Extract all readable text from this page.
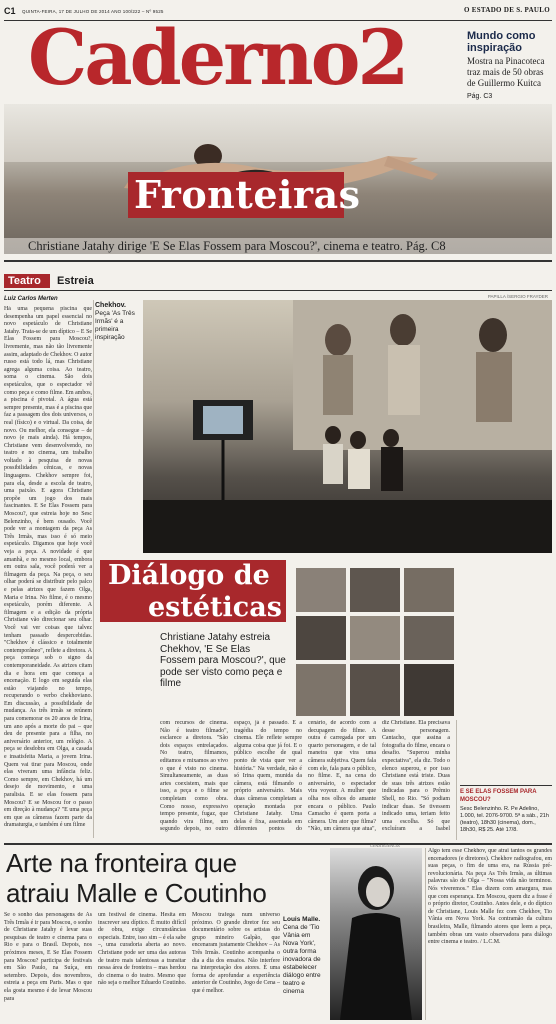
C1 QUINTA-FEIRA, 17 DE JULHO DE 2014 ANO 100/222 – Nº 9525	O ESTADO DE S. PAULO
Caderno2	Mundo como inspiração
Mostra na Pinacoteca traz mais de 50 obras de Guillermo Kuitca
Pág. C3
Fronteiras
Christiane Jatahy dirige 'E Se Elas Fossem para Moscou?', cinema e teatro. Pág. C8
Teatro Estreia
Luiz Carlos Merten
Há uma pequena piscina que desempenha um papel essencial no novo espetáculo de Christiane Jatahy. Trata-se de um díptico – E Se Elas Fossem para Moscou?, livremente, mas não tão livremente assim, adaptado de Chekhov. O autor russo está todo lá, mas Christiane agrega alguma coisa. Ao teatro, soma o cinema. São dois espetáculos, que o espectador vê como peça e como filme. Em ambos, a piscina é pivotal. A água está sempre presente, mas é a piscina que faz a passagem dos dois universos, o real (físico) e o virtual. Da coisa, de novo. Ou melhor, ela consegue – de novo (e mais ainda). Há tempos, Christiane vem desenvolvendo, no teatro e no cinema, um trabalho voltado à pesquisa de novas possibilidades cênicas, e novas linguagens. Chekhov sempre foi, para ela, desde a escola de teatro, uma paixão. E agora Christiane propõe um jogo dos mais fascinantes. E Se Elas Fossem para Moscou?, que estreia hoje no Sesc Belenzinho, é bem ousado. Você pode ver a montagem da peça As Três Irmãs, mas isso é só meio espetáculo. Digamos que hoje você veja a peça. A novidade é que amanhã, e no mesmo local, embora em outra sala, você poderá ver a filmagem da peça. Na peça, o seu olhar poderá se distribuir pelo palco e pelas atrizes que fazem Olga, Maria e Irina. No filme, é o mesmo espetáculo, porém diferente. A filmagem e a edição da própria Christiane vão direcionar seu olhar. Você vai ver coisas que talvez tenham passado despercebidas. "Chekhov é clássico e totalmente contemporâneo", reflete a diretora. A peça começa sob o signo da contemporaneidade. As atrizes citam dia e hora em que começa a encenação. E logo em seguida elas estão viajando no tempo, recuperando o verbo chekhoviano. Em discussão, a possibilidade de mudança. As três irmãs se reúnem para comemorar os 20 anos de Irina, um ano após a morte do pai – que deu de presente para a filha, no aniversário anterior, um relógio. A peça se desdobra em Olga, a casada e insatisfeita Maria, a jovem Irina. Quem vai tirar para Moscou, onde elas viveram uma infância feliz. Como sempre, em Chekhov, há um desejo de movimento, e uma paralisia. E se elas fossem para Moscou? E se Moscou for o passo em direção à mudança? "E uma peça em que as câmeras fazem parte da dramaturgia, e também é um filme
Chekhov. Peça 'As Três Irmãs' é a primeira inspiração
PAPILLA /SERGIO FRAYDER
Diálogo de
estéticas
Christiane Jatahy estreia Chekhov, 'E Se Elas Fossem para Moscou?', que pode ser visto como peça e filme
com recursos de cinema. Não é teatro filmado", esclarece a diretora. "São dois espaços entrelaçados. No teatro, filmamos, editamos e mixamos ao vivo o que é visto no cinema. Simultaneamente, as duas artes coexistem, mais que isso, a peça e o filme se completam como obra. Como nosso, expressivo tempo presente, fugaz, que quando vira filme, um segundo depois, no outro espaço, já é passado. É a tragédia do tempo no cinema. Ele reflete sempre alguma coisa que já foi. E o público escolhe de qual ponto de vista quer ver a história." Na verdade, não é só Irina quem, munida da câmera, está filmando o próprio aniversário. Mais duas câmeras completam a operação montada por Christiane Jatahy. Uma delas é fixa, assentada em diferentes pontos do cenário, de acordo com a decupagem do filme. A outra é carregada por um quarto personagem, e de tal maneira que vira uma câmera subjetiva. Quem fala com ele, fala para o público, no filme. E, na cena do aniversário, o espectador vira voyeur. A mulher que olha nos olhos do amante encara o público. Paulo Camacho é quem porta a câmera. Um ator que filma? "Não, um câmera que atua", diz Christiane. Ela precisava desse personagem. Cantacho, que assina a fotografia do filme, encara o desafio. "Superou minha expectativa", ela diz. Todo o elenco superou, e por isso Christiane está triste. Duas de suas três atrizes estão indicadas para o Prêmio Shell, no Rio. "Só podiam indicar duas. Se tivessem indicado uma, teriam feito uma escolha. Só que excluíram a Isabel
E SE ELAS FOSSEM PARA MOSCOU?
Sesc Belenzinho. R. Pe Adelino, 1.000, tel. 2076-9700. 5ª a sáb., 21h (teatro), 18h30 (cinema), dom., 18h30, R$ 25. Até 17/8.
Arte na fronteira que
atraiu Malle e Coutinho
Se o sonho das personagens de As Três Irmãs é ir para Moscou, o sonho de Christiane Jatahy é levar suas pesquisas de teatro e cinema para o Rio e para o Brasil. Depois, nos próximos meses, E Se Elas Fossem para Moscou? participa de festivais em São Paulo, na Suíça, em setembro. Depois, dos novembros, estreia a peça em Paris. Mas o que ela gosta mesmo é de levar Moscou para
um festival de cinema. Hesita em inscrever seu díptico. É muito difícil de obra, exige circunstâncias especiais. Entre, isso sim – é ela sabe –, uma curadoria aberta ao novo. Christiane pode ser uma das autoras de teatro mais talentosas a transitar nessa área de fronteira – mas herdou do cinema o do teatro. Mesmo que não seja o melhor Eduardo Coutinho.
Moscou trafega num universo próximo. O grande diretor fez seu documentário sobre os artistas do grupo mineiro Galpão, que encenaram justamente Chekhov – As Três Irmãs. Coutinho acompanha o dia a dia dos ensaios. Não interfere na interpretação dos atores. É uma forma de aprofundar a experiência anterior de Coutinho, Jogo de Cena – que é melhor.
Louis Malle. Cena de 'Tio Vânia em Nova York', outra forma inovadora de estabelecer diálogo entre teatro e cinema
CENA AGÊNCIA
Algo tem esse Chekhov, que atrai tantos os grandes encenadores (e diretores). Chekhov radiografou, em suas peças, o fim de uma era, na Rússia pré-revolucionária. Na peça As Três Irmãs, as últimas palavras são de Olga – "Nossa vida não terminou. Nós viveremos." Elas dizem com amargura, mas que com esperança. Em Moscou, quem diz a frase é o próprio diretor, Coutinho. Antes dele, e do díptico de Christiane, Louis Malle fez com Chekhov, Tio Vânia em Nova York. Na contramão da cultura brasileira, Malle, filmando atores que leem a peça, também obras um vasto observadora para diálogo entre cinema e teatro. / L.C.M.
